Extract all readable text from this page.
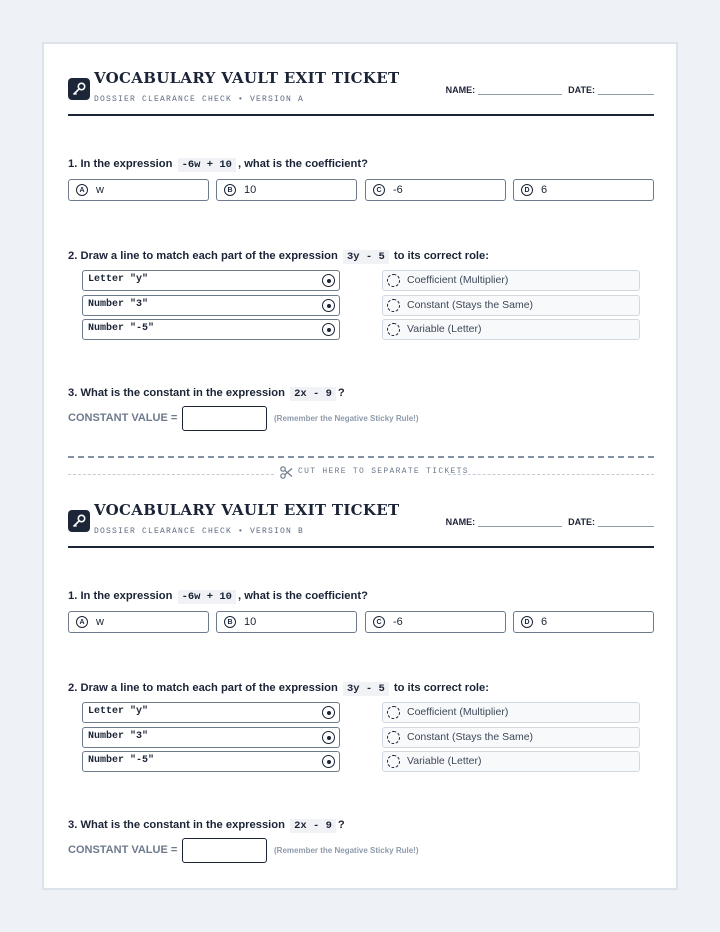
VOCABULARY VAULT EXIT TICKET
DOSSIER CLEARANCE CHECK • VERSION A
NAME:	DATE:
1. In the expression -6w + 10 , what is the coefficient?
A	w	B	10	C	-6	D	6
2. Draw a line to match each part of the expression 3y - 5 to its correct role:
Letter "y"
Number "3"
Number "-5"
Coefficient (Multiplier)
Constant (Stays the Same)
Variable (Letter)
3. What is the constant in the expression 2x - 9 ?
CONSTANT VALUE =	(Remember the Negative Sticky Rule!)
CUT HERE TO SEPARATE TICKETS
VOCABULARY VAULT EXIT TICKET
DOSSIER CLEARANCE CHECK • VERSION B
NAME:	DATE:
1. In the expression -6w + 10 , what is the coefficient?
A	w	B	10	C	-6	D	6
2. Draw a line to match each part of the expression 3y - 5 to its correct role:
Letter "y"
Number "3"
Number "-5"
Coefficient (Multiplier)
Constant (Stays the Same)
Variable (Letter)
3. What is the constant in the expression 2x - 9 ?
CONSTANT VALUE =	(Remember the Negative Sticky Rule!)
